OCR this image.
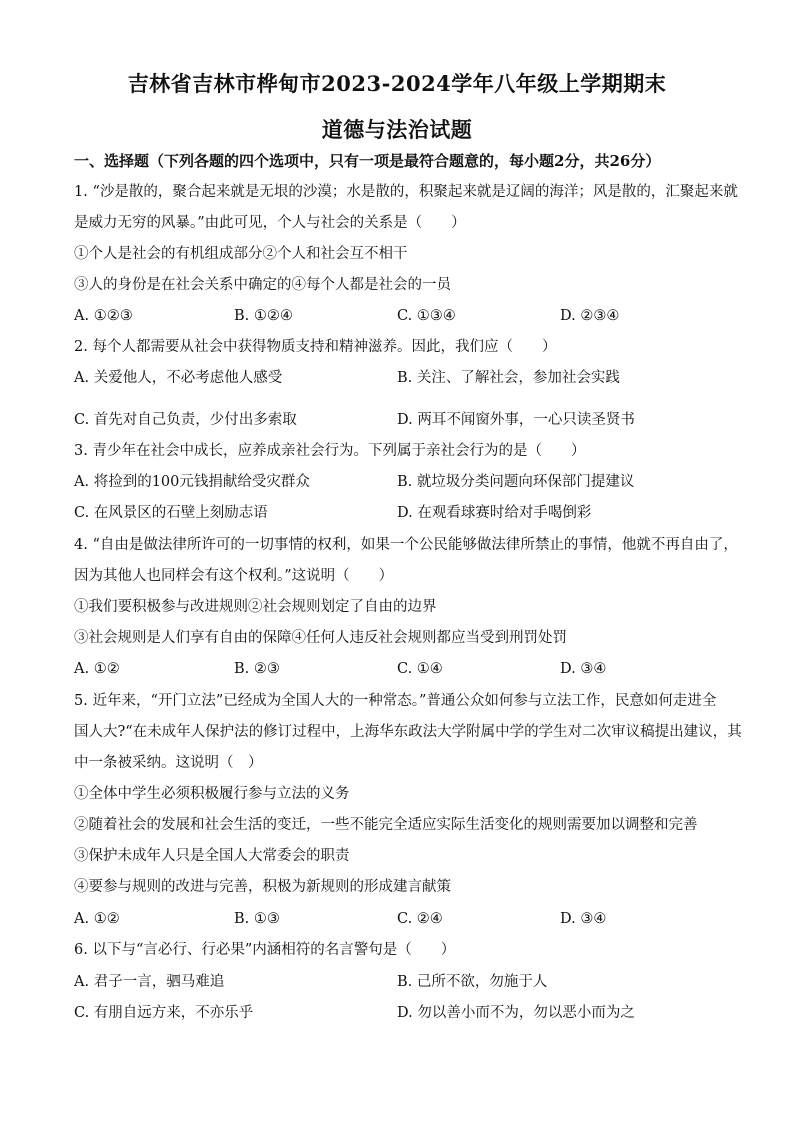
吉林省吉林市桦甸市2023-2024学年八年级上学期期末
道德与法治试题
一、选择题（下列各题的四个选项中，只有一项是最符合题意的，每小题2分，共26分）
1. “沙是散的，聚合起来就是无垠的沙漠；水是散的，积聚起来就是辽阔的海洋；风是散的，汇聚起来就
是威力无穷的风暴。”由此可见，个人与社会的关系是（　　）
①个人是社会的有机组成部分②个人和社会互不相干
③人的身份是在社会关系中确定的④每个人都是社会的一员
A. ①②③	B. ①②④	C. ①③④	D. ②③④
2. 每个人都需要从社会中获得物质支持和精神滋养。因此，我们应（　　）
A. 关爱他人，不必考虑他人感受	B. 关注、了解社会，参加社会实践
C. 首先对自己负责，少付出多索取	D. 两耳不闻窗外事，一心只读圣贤书
3. 青少年在社会中成长，应养成亲社会行为。下列属于亲社会行为的是（　　）
A. 将捡到的100元钱捐献给受灾群众	B. 就垃圾分类问题向环保部门提建议
C. 在风景区的石壁上刻励志语	D. 在观看球赛时给对手喝倒彩
4. “自由是做法律所许可的一切事情的权利，如果一个公民能够做法律所禁止的事情，他就不再自由了，
因为其他人也同样会有这个权利。”这说明（　　）
①我们要积极参与改进规则②社会规则划定了自由的边界
③社会规则是人们享有自由的保障④任何人违反社会规则都应当受到刑罚处罚
A. ①②	B. ②③	C. ①④	D. ③④
5. 近年来，“开门立法”已经成为全国人大的一种常态。”普通公众如何参与立法工作，民意如何走进全
国人大?“在未成年人保护法的修订过程中，上海华东政法大学附属中学的学生对二次审议稿提出建议，其
中一条被采纳。这说明（　）
①全体中学生必须积极履行参与立法的义务
②随着社会的发展和社会生活的变迁，一些不能完全适应实际生活变化的规则需要加以调整和完善
③保护未成年人只是全国人大常委会的职责
④要参与规则的改进与完善，积极为新规则的形成建言献策
A. ①②	B. ①③	C. ②④	D. ③④
6. 以下与“言必行、行必果”内涵相符的名言警句是（　　）
A. 君子一言，驷马难追	B. 己所不欲，勿施于人
C. 有朋自远方来，不亦乐乎	D. 勿以善小而不为，勿以恶小而为之
